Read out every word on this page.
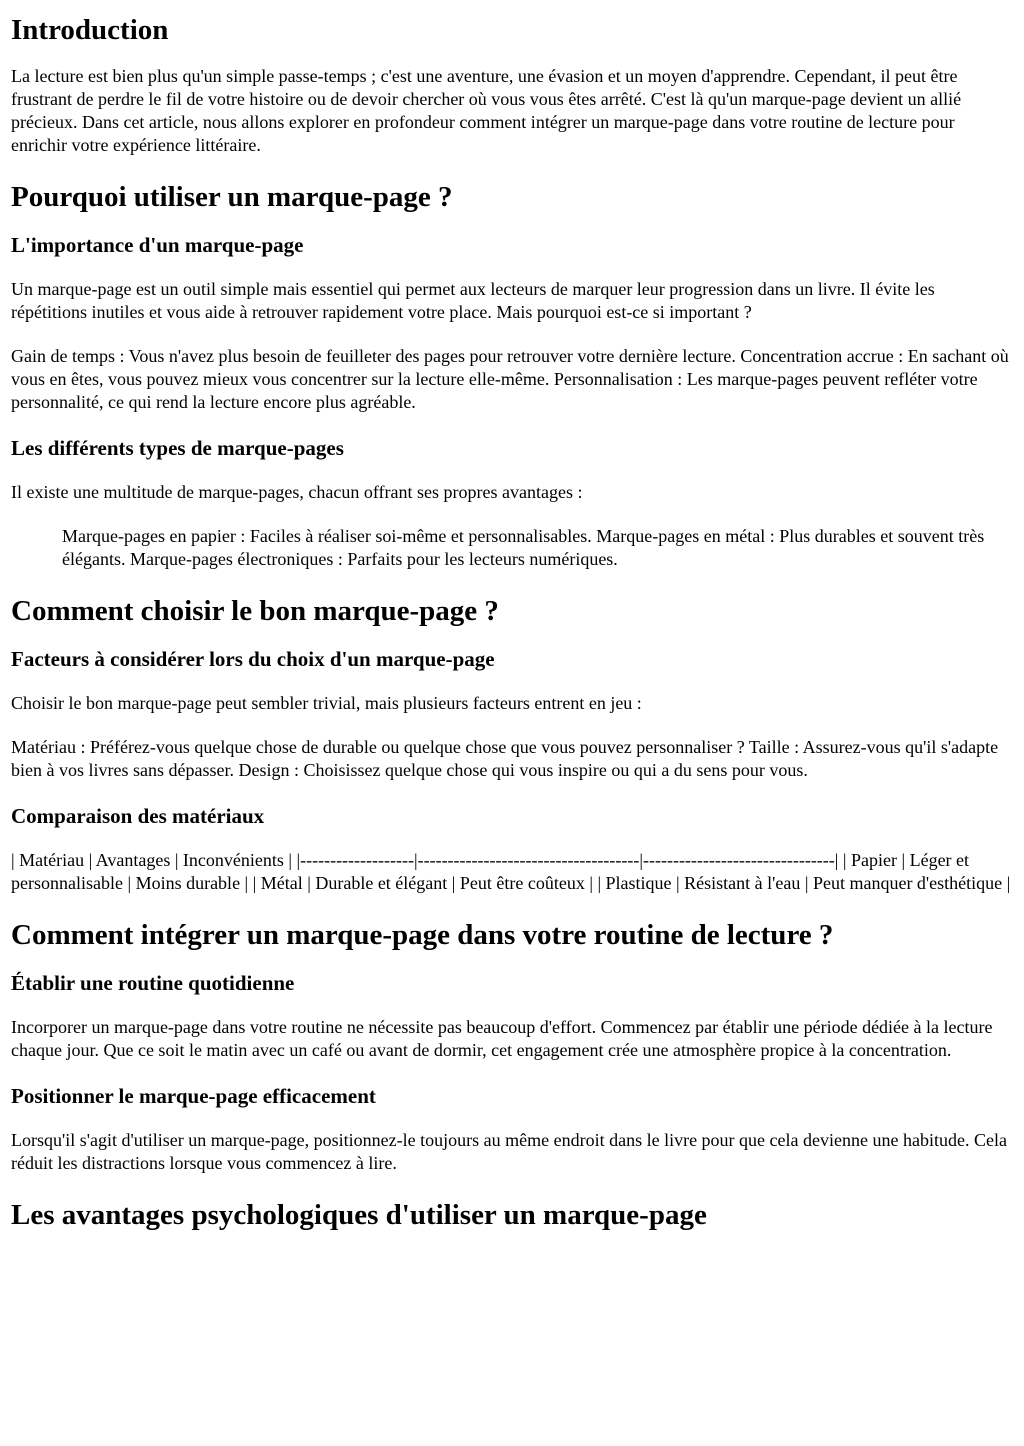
Introduction

La lecture est bien plus qu'un simple passe-temps ; c'est une aventure, une évasion et un moyen d'apprendre. Cependant, il peut être frustrant de perdre le fil de votre histoire ou de devoir chercher où vous vous êtes arrêté. C'est là qu'un marque-page devient un allié précieux. Dans cet article, nous allons explorer en profondeur comment intégrer un marque-page dans votre routine de lecture pour enrichir votre expérience littéraire.

Pourquoi utiliser un marque-page ?
L'importance d'un marque-page

Un marque-page est un outil simple mais essentiel qui permet aux lecteurs de marquer leur progression dans un livre. Il évite les répétitions inutiles et vous aide à retrouver rapidement votre place. Mais pourquoi est-ce si important ?

Gain de temps : Vous n'avez plus besoin de feuilleter des pages pour retrouver votre dernière lecture. Concentration accrue : En sachant où vous en êtes, vous pouvez mieux vous concentrer sur la lecture elle-même. Personnalisation : Les marque-pages peuvent refléter votre personnalité, ce qui rend la lecture encore plus agréable.

Les différents types de marque-pages

Il existe une multitude de marque-pages, chacun offrant ses propres avantages :

Marque-pages en papier : Faciles à réaliser soi-même et personnalisables. Marque-pages en métal : Plus durables et souvent très élégants. Marque-pages électroniques : Parfaits pour les lecteurs numériques.
Comment choisir le bon marque-page ?
Facteurs à considérer lors du choix d'un marque-page

Choisir le bon marque-page peut sembler trivial, mais plusieurs facteurs entrent en jeu :

Matériau : Préférez-vous quelque chose de durable ou quelque chose que vous pouvez personnaliser ? Taille : Assurez-vous qu'il s'adapte bien à vos livres sans dépasser. Design : Choisissez quelque chose qui vous inspire ou qui a du sens pour vous.

Comparaison des matériaux

| Matériau | Avantages | Inconvénients | |-------------------|-------------------------------------|--------------------------------| | Papier | Léger et personnalisable | Moins durable | | Métal | Durable et élégant | Peut être coûteux | | Plastique | Résistant à l'eau | Peut manquer d'esthétique |

Comment intégrer un marque-page dans votre routine de lecture ?
Établir une routine quotidienne

Incorporer un marque-page dans votre routine ne nécessite pas beaucoup d'effort. Commencez par établir une période dédiée à la lecture chaque jour. Que ce soit le matin avec un café ou avant de dormir, cet engagement crée une atmosphère propice à la concentration.

Positionner le marque-page efficacement

Lorsqu'il s'agit d'utiliser un marque-page, positionnez-le toujours au même endroit dans le livre pour que cela devienne une habitude. Cela réduit les distractions lorsque vous commencez à lire.

Les avantages psychologiques d'utiliser un marque-page
